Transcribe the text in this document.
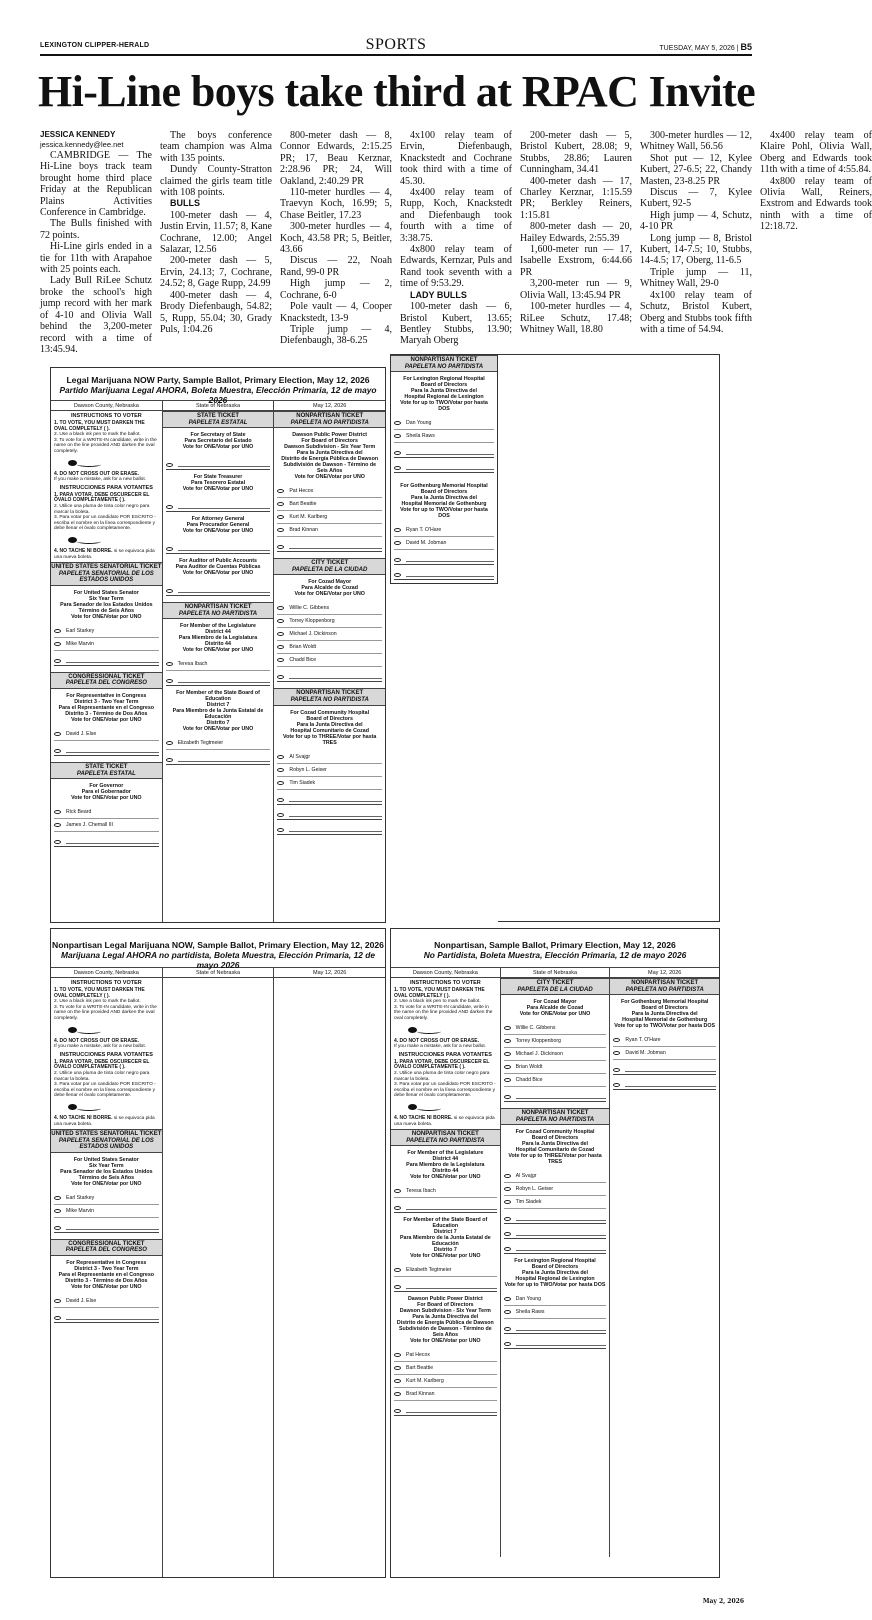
LEXINGTON CLIPPER-HERALD	SPORTS	TUESDAY, MAY 5, 2026 | B5
Hi-Line boys take third at RPAC Invite

JESSICA KENNEDY
jessica.kennedy@lee.net

CAMBRIDGE — The Hi-Line boys track team brought home third place Friday at the Republican Plains Activities Conference in Cambridge.

The Bulls finished with 72 points.

Hi-Line girls ended in a tie for 11th with Arapahoe with 25 points each.

Lady Bull RiLee Schutz broke the school's high jump record with her mark of 4-10 and Olivia Wall behind the 3,200-meter record with a time of 13:45.94.

The boys conference team champion was Alma with 135 points.

Dundy County-Stratton claimed the girls team title with 108 points.

BULLS

100-meter dash — 4, Justin Ervin, 11.57; 8, Kane Cochrane, 12.00; Angel Salazar, 12.56

200-meter dash — 5, Ervin, 24.13; 7, Cochrane, 24.52; 8, Gage Rupp, 24.99

400-meter dash — 4, Brody Diefenbaugh, 54.82; 5, Rupp, 55.04; 30, Grady Puls, 1:04.26

800-meter dash — 8, Connor Edwards, 2:15.25 PR; 17, Beau Kerznar, 2:28.96 PR; 24, Will Oakland, 2:40.29 PR

110-meter hurdles — 4, Traevyn Koch, 16.99; 5, Chase Beitler, 17.23

300-meter hurdles — 4, Koch, 43.58 PR; 5, Beitler, 43.66

Discus — 22, Noah Rand, 99-0 PR

High jump — 2, Cochrane, 6-0

Pole vault — 4, Cooper Knackstedt, 13-9

Triple jump — 4, Diefenbaugh, 38-6.25

4x100 relay team of Ervin, Diefenbaugh, Knackstedt and Cochrane took third with a time of 45.30.

4x400 relay team of Rupp, Koch, Knackstedt and Diefenbaugh took fourth with a time of 3:38.75.

4x800 relay team of Edwards, Kernzar, Puls and Rand took seventh with a time of 9:53.29.

LADY BULLS

100-meter dash — 6, Bristol Kubert, 13.65; Bentley Stubbs, 13.90; Maryah Oberg

200-meter dash — 5, Bristol Kubert, 28.08; 9, Stubbs, 28.86; Lauren Cunningham, 34.41

400-meter dash — 17, Charley Kerznar, 1:15.59 PR; Berkley Reiners, 1:15.81

800-meter dash — 20, Hailey Edwards, 2:55.39

1,600-meter run — 17, Isabelle Exstrom, 6:44.66 PR

3,200-meter run — 9, Olivia Wall, 13:45.94 PR

100-meter hurdles — 4, RiLee Schutz, 17.48; Whitney Wall, 18.80

300-meter hurdles — 12, Whitney Wall, 56.56

Shot put — 12, Kylee Kubert, 27-6.5; 22, Chandy Masten, 23-8.25 PR

Discus — 7, Kylee Kubert, 92-5

High jump — 4, Schutz, 4-10 PR

Long jump — 8, Bristol Kubert, 14-7.5; 10, Stubbs, 14-4.5; 17, Oberg, 11-6.5

Triple jump — 11, Whitney Wall, 29-0

4x100 relay team of Schutz, Bristol Kubert, Oberg and Stubbs took fifth with a time of 54.94.

4x400 relay team of Klaire Pohl, Olivia Wall, Oberg and Edwards took 11th with a time of 4:55.84.

4x800 relay team of Olivia Wall, Reiners, Exstrom and Edwards took ninth with a time of 12:18.72.

Legal Marijuana NOW Party, Sample Ballot, Primary Election, May 12, 2026
Partido Marijuana Legal AHORA, Boleta Muestra, Elección Primaria, 12 de mayo 2026
Dawson County, Nebraska	State of Nebraska	May 12, 2026
INSTRUCTIONS TO VOTER
1. TO VOTE, YOU MUST DARKEN THE OVAL COMPLETELY ( ).
2. Use a black ink pen to mark the ballot.
3. To vote for a WRITE-IN candidate, write in the name on the line provided AND darken the oval completely.
4. DO NOT CROSS OUT OR ERASE.
If you make a mistake, ask for a new ballot.
INSTRUCCIONES PARA VOTANTES
1. PARA VOTAR, DEBE OSCURECER EL ÓVALO COMPLETAMENTE ( ).
2. Utilice una pluma de tinta color negro para marcar la boleta.
3. Para votar por un candidato POR ESCRITO -escriba el nombre en la línea correspondiente y debe llenar el óvalo completamente.
4. NO TACHE NI BORRE. si se equivoca pida una nueva boleta.
UNITED STATES SENATORIAL TICKET
PAPELETA SENATORIAL DE LOS ESTADOS UNIDOS
For United States Senator
Six Year Term
Para Senador de los Estados Unidos
Término de Seis Años
Vote for ONE/Votar por UNO
Earl Starkey
Mike Marvin
CONGRESSIONAL TICKET
PAPELETA DEL CONGRESO
For Representative in Congress
District 3 - Two Year Term
Para el Representante en el Congreso
Distrito 3 - Término de Dos Años
Vote for ONE/Votar por UNO
David J. Else
STATE TICKET
PAPELETA ESTATAL
For Governor
Para el Gobernador
Vote for ONE/Votar por UNO
Rick Beard
James J. Chemall III
STATE TICKET
PAPELETA ESTATAL
For Secretary of State
Para Secretario del Estado
Vote for ONE/Votar por UNO
For State Treasurer
Para Tesorero Estatal
Vote for ONE/Votar por UNO
For Attorney General
Para Procurador General
Vote for ONE/Votar por UNO
For Auditor of Public Accounts
Para Auditor de Cuentas Públicas
Vote for ONE/Votar por UNO
NONPARTISAN TICKET
PAPELETA NO PARTIDISTA
For Member of the Legislature
District 44
Para Miembro de la Legislatura
Distrito 44
Vote for ONE/Votar por UNO
Teresa Ibach
For Member of the State Board of Education
District 7
Para Miembro de la Junta Estatal de Educación
Distrito 7
Vote for ONE/Votar por UNO
Elizabeth Tegtmeier
NONPARTISAN TICKET
PAPELETA NO PARTIDISTA
Dawson Public Power District
For Board of Directors
Dawson Subdivision - Six Year Term
Para la Junta Directiva del
Distrito de Energía Pública de Dawson
Subdivisión de Dawson - Término de Seis Años
Vote for ONE/Votar por UNO
Pat Hecox
Bart Beattie
Kurt M. Karlberg
Brad Kinnan
CITY TICKET
PAPELETA DE LA CIUDAD
For Cozad Mayor
Para Alcalde de Cozad
Vote for ONE/Votar por UNO
Willie C. Gibbens
Torrey Kloppenborg
Michael J. Dickinson
Brian Woldt
Chadd Bice
NONPARTISAN TICKET
PAPELETA NO PARTIDISTA
For Cozad Community Hospital
Board of Directors
Para la Junta Directiva del
Hospital Comunitario de Cozad
Vote for up to THREE/Votar por hasta TRES
Al Svajgr
Robyn L. Geiser
Tim Siadek
NONPARTISAN TICKET
PAPELETA NO PARTIDISTA
For Lexington Regional Hospital
Board of Directors
Para la Junta Directiva del
Hospital Regional de Lexington
Vote for up to TWO/Votar por hasta DOS
Dan Young
Sheila Raws
For Gothenburg Memorial Hospital
Board of Directors
Para la Junta Directiva del
Hospital Memorial de Gothenburg
Vote for up to TWO/Votar por hasta DOS
Ryan T. O'Hare
David M. Jobman
Nonpartisan Legal Marijuana NOW, Sample Ballot, Primary Election, May 12, 2026
Marijuana Legal AHORA no partidista, Boleta Muestra, Elección Primaria, 12 de mayo 2026
Dawson County, Nebraska	State of Nebraska	May 12, 2026
INSTRUCTIONS TO VOTER
1. TO VOTE, YOU MUST DARKEN THE OVAL COMPLETELY ( ).
2. Use a black ink pen to mark the ballot.
3. To vote for a WRITE-IN candidate, write in the name on the line provided AND darken the oval completely.
4. DO NOT CROSS OUT OR ERASE.
If you make a mistake, ask for a new ballot.
INSTRUCCIONES PARA VOTANTES
1. PARA VOTAR, DEBE OSCURECER EL ÓVALO COMPLETAMENTE ( ).
2. Utilice una pluma de tinta color negro para marcar la boleta.
3. Para votar por un candidato POR ESCRITO -escriba el nombre en la línea correspondiente y debe llenar el óvalo completamente.
4. NO TACHE NI BORRE. si se equivoca pida una nueva boleta.
UNITED STATES SENATORIAL TICKET
PAPELETA SENATORIAL DE LOS ESTADOS UNIDOS
For United States Senator
Six Year Term
Para Senador de los Estados Unidos
Término de Seis Años
Vote for ONE/Votar por UNO
Earl Starkey
Mike Marvin
CONGRESSIONAL TICKET
PAPELETA DEL CONGRESO
For Representative in Congress
District 3 - Two Year Term
Para el Representante en el Congreso
Distrito 3 - Término de Dos Años
Vote for ONE/Votar por UNO
David J. Else
Nonpartisan, Sample Ballot, Primary Election, May 12, 2026
No Partidista, Boleta Muestra, Elección Primaria, 12 de mayo 2026
Dawson County, Nebraska	State of Nebraska	May 12, 2026
INSTRUCTIONS TO VOTER
1. TO VOTE, YOU MUST DARKEN THE OVAL COMPLETELY ( ).
2. Use a black ink pen to mark the ballot.
3. To vote for a WRITE-IN candidate, write in the name on the line provided AND darken the oval completely.
4. DO NOT CROSS OUT OR ERASE.
If you make a mistake, ask for a new ballot.
INSTRUCCIONES PARA VOTANTES
1. PARA VOTAR, DEBE OSCURECER EL ÓVALO COMPLETAMENTE ( ).
2. Utilice una pluma de tinta color negro para marcar la boleta.
3. Para votar por un candidato POR ESCRITO -escriba el nombre en la línea correspondiente y debe llenar el óvalo completamente.
4. NO TACHE NI BORRE. si se equivoca pida una nueva boleta.
NONPARTISAN TICKET
PAPELETA NO PARTIDISTA
For Member of the Legislature
District 44
Para Miembro de la Legislatura
Distrito 44
Vote for ONE/Votar por UNO
Teresa Ibach
For Member of the State Board of Education
District 7
Para Miembro de la Junta Estatal de Educación
Distrito 7
Vote for ONE/Votar por UNO
Elizabeth Tegtmeier
Dawson Public Power District
For Board of Directors
Dawson Subdivision - Six Year Term
Para la Junta Directiva del
Distrito de Energía Pública de Dawson
Subdivisión de Dawson - Término de Seis Años
Vote for ONE/Votar por UNO
Pat Hecox
Bart Beattie
Kurt M. Karlberg
Brad Kinnan
CITY TICKET
PAPELETA DE LA CIUDAD
For Cozad Mayor
Para Alcalde de Cozad
Vote for ONE/Votar por UNO
Willie C. Gibbens
Torrey Kloppenborg
Michael J. Dickinson
Brian Woldt
Chadd Bice
NONPARTISAN TICKET
PAPELETA NO PARTIDISTA
For Cozad Community Hospital
Board of Directors
Para la Junta Directiva del
Hospital Comunitario de Cozad
Vote for up to THREE/Votar por hasta TRES
Al Svajgr
Robyn L. Geiser
Tim Siadek
For Lexington Regional Hospital
Board of Directors
Para la Junta Directiva del
Hospital Regional de Lexington
Vote for up to TWO/Votar por hasta DOS
Dan Young
Sheila Raws
NONPARTISAN TICKET
PAPELETA NO PARTIDISTA
For Gothenburg Memorial Hospital
Board of Directors
Para la Junta Directiva del
Hospital Memorial de Gothenburg
Vote for up to TWO/Votar por hasta DOS
Ryan T. O'Hare
David M. Jobman
May 2, 2026
